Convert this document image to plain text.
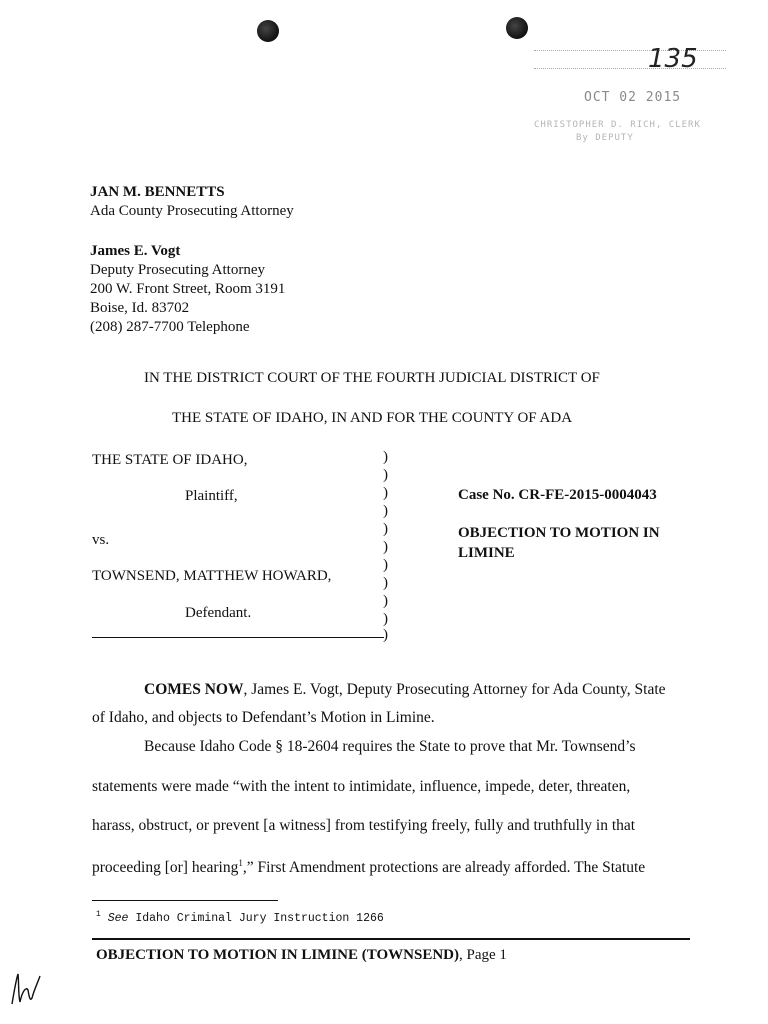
135
OCT 02 2015
CHRISTOPHER D. RICH, CLERK
By DEPUTY
JAN M. BENNETTS
Ada County Prosecuting Attorney
James E. Vogt
Deputy Prosecuting Attorney
200 W. Front Street, Room 3191
Boise, Id. 83702
(208) 287-7700 Telephone
IN THE DISTRICT COURT OF THE FOURTH JUDICIAL DISTRICT OF
THE STATE OF IDAHO, IN AND FOR THE COUNTY OF ADA
THE STATE OF IDAHO,
Plaintiff,
vs.
TOWNSEND, MATTHEW HOWARD,
Defendant.
)
)
)
)
)
)
)
)
)
)
)
Case No. CR-FE-2015-0004043
OBJECTION TO MOTION IN
LIMINE
COMES NOW, James E. Vogt, Deputy Prosecuting Attorney for Ada County, State
of Idaho, and objects to Defendant’s Motion in Limine.
Because Idaho Code § 18-2604 requires the State to prove that Mr. Townsend’s
statements were made “with the intent to intimidate, influence, impede, deter, threaten,
harass, obstruct, or prevent [a witness] from testifying freely, fully and truthfully in that
proceeding [or] hearing$^1$,” First Amendment protections are already afforded. The Statute
$^1$ See Idaho Criminal Jury Instruction 1266
OBJECTION TO MOTION IN LIMINE (TOWNSEND), Page 1
